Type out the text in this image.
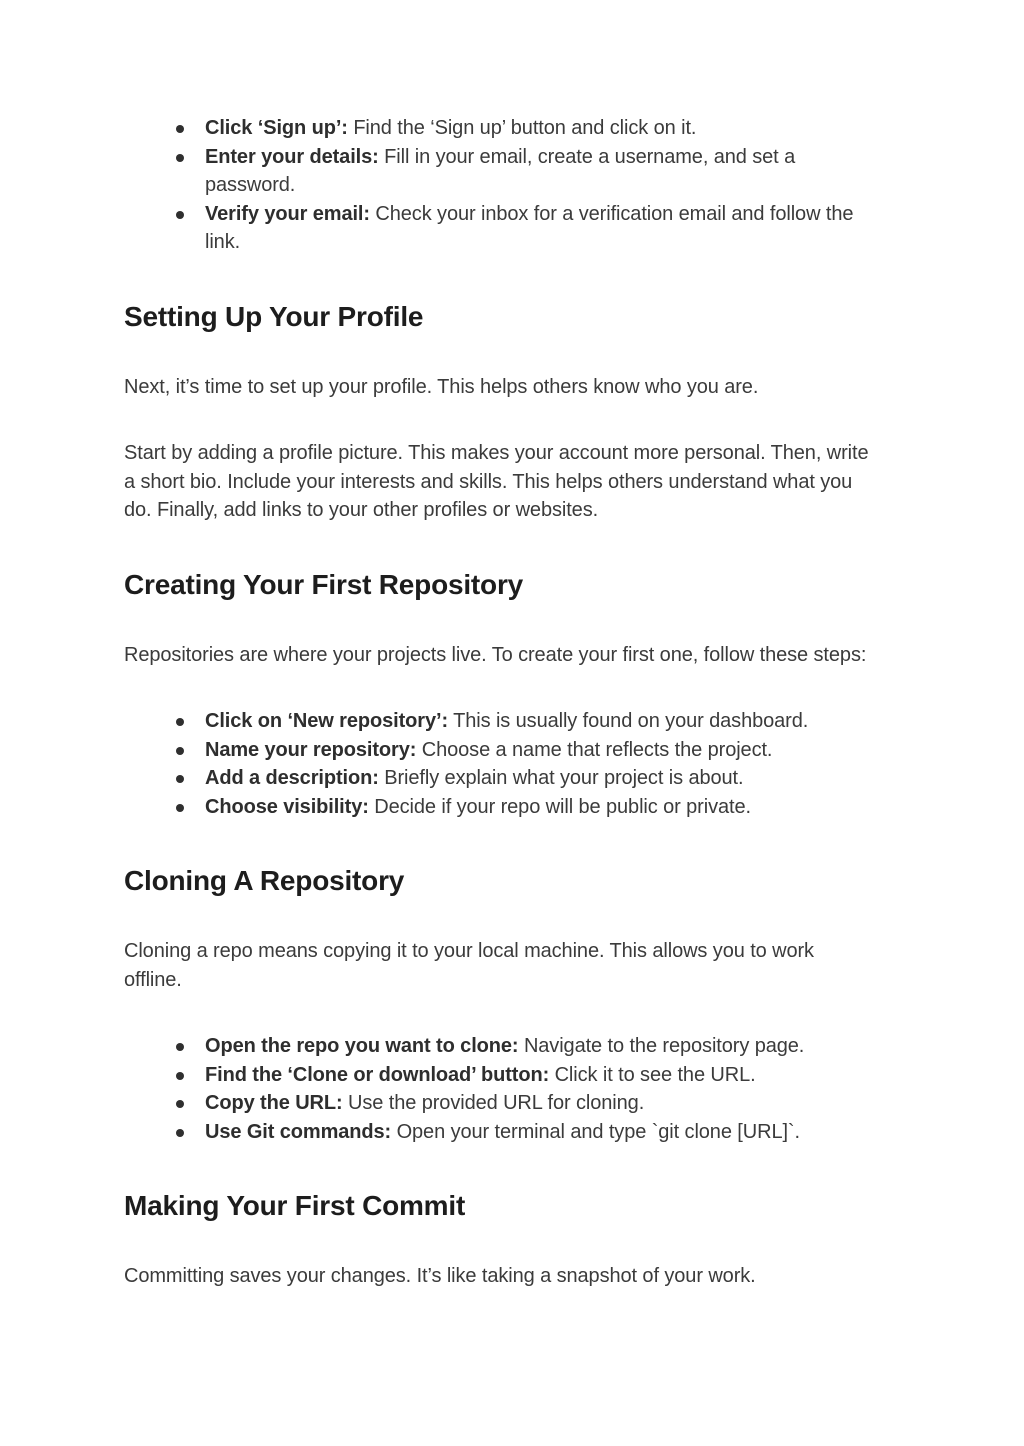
Click ‘Sign up’: Find the ‘Sign up’ button and click on it.
Enter your details: Fill in your email, create a username, and set a
password.
Verify your email: Check your inbox for a verification email and follow the
link.
Setting Up Your Profile

Next, it’s time to set up your profile. This helps others know who you are.

Start by adding a profile picture. This makes your account more personal. Then, write
a short bio. Include your interests and skills. This helps others understand what you
do. Finally, add links to your other profiles or websites.

Creating Your First Repository

Repositories are where your projects live. To create your first one, follow these steps:

Click on ‘New repository’: This is usually found on your dashboard.
Name your repository: Choose a name that reflects the project.
Add a description: Briefly explain what your project is about.
Choose visibility: Decide if your repo will be public or private.
Cloning A Repository

Cloning a repo means copying it to your local machine. This allows you to work
offline.

Open the repo you want to clone: Navigate to the repository page.
Find the ‘Clone or download’ button: Click it to see the URL.
Copy the URL: Use the provided URL for cloning.
Use Git commands: Open your terminal and type `git clone [URL]`.
Making Your First Commit

Committing saves your changes. It’s like taking a snapshot of your work.
